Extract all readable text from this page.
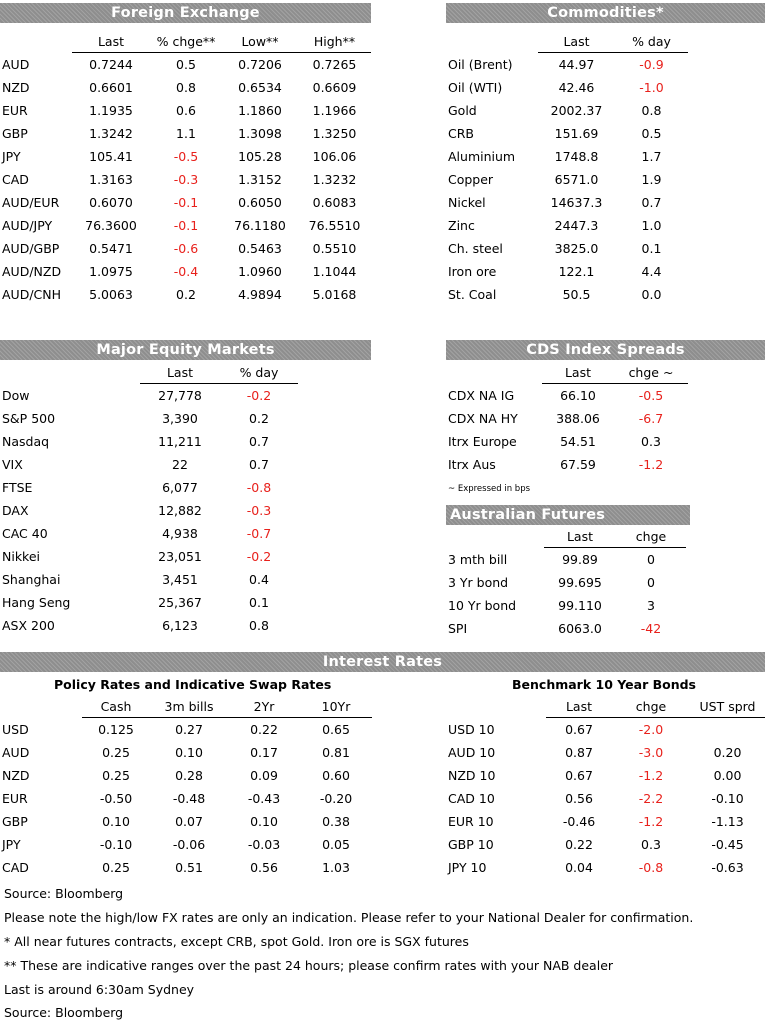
Foreign Exchange
	Last	% chge**	Low**	High**
AUD	0.7244	0.5	0.7206	0.7265
NZD	0.6601	0.8	0.6534	0.6609
EUR	1.1935	0.6	1.1860	1.1966
GBP	1.3242	1.1	1.3098	1.3250
JPY	105.41	-0.5	105.28	106.06
CAD	1.3163	-0.3	1.3152	1.3232
AUD/EUR	0.6070	-0.1	0.6050	0.6083
AUD/JPY	76.3600	-0.1	76.1180	76.5510
AUD/GBP	0.5471	-0.6	0.5463	0.5510
AUD/NZD	1.0975	-0.4	1.0960	1.1044
AUD/CNH	5.0063	0.2	4.9894	5.0168
Commodities*
	Last	% day
Oil (Brent)	44.97	-0.9
Oil (WTI)	42.46	-1.0
Gold	2002.37	0.8
CRB	151.69	0.5
Aluminium	1748.8	1.7
Copper	6571.0	1.9
Nickel	14637.3	0.7
Zinc	2447.3	1.0
Ch. steel	3825.0	0.1
Iron ore	122.1	4.4
St. Coal	50.5	0.0
Major Equity Markets
	Last	% day
Dow	27,778	-0.2
S&P 500	3,390	0.2
Nasdaq	11,211	0.7
VIX	22	0.7
FTSE	6,077	-0.8
DAX	12,882	-0.3
CAC 40	4,938	-0.7
Nikkei	23,051	-0.2
Shanghai	3,451	0.4
Hang Seng	25,367	0.1
ASX 200	6,123	0.8
CDS Index Spreads
	Last	chge ~
CDX NA IG	66.10	-0.5
CDX NA HY	388.06	-6.7
Itrx Europe	54.51	0.3
Itrx Aus	67.59	-1.2
~ Expressed in bps
Australian Futures
	Last	chge
3 mth bill	99.89	0
3 Yr bond	99.695	0
10 Yr bond	99.110	3
SPI	6063.0	-42
Interest Rates
Policy Rates and Indicative Swap Rates
	Cash	3m bills	2Yr	10Yr
USD	0.125	0.27	0.22	0.65
AUD	0.25	0.10	0.17	0.81
NZD	0.25	0.28	0.09	0.60
EUR	-0.50	-0.48	-0.43	-0.20
GBP	0.10	0.07	0.10	0.38
JPY	-0.10	-0.06	-0.03	0.05
CAD	0.25	0.51	0.56	1.03
Benchmark 10 Year Bonds
	Last	chge	UST sprd
USD 10	0.67	-2.0	
AUD 10	0.87	-3.0	0.20
NZD 10	0.67	-1.2	0.00
CAD 10	0.56	-2.2	-0.10
EUR 10	-0.46	-1.2	-1.13
GBP 10	0.22	0.3	-0.45
JPY 10	0.04	-0.8	-0.63
Source: Bloomberg
Please note the high/low FX rates are only an indication. Please refer to your National Dealer for confirmation.
* All near futures contracts, except CRB, spot Gold. Iron ore is SGX futures
** These are indicative ranges over the past 24 hours; please confirm rates with your NAB dealer
Last is around 6:30am Sydney
Source: Bloomberg
